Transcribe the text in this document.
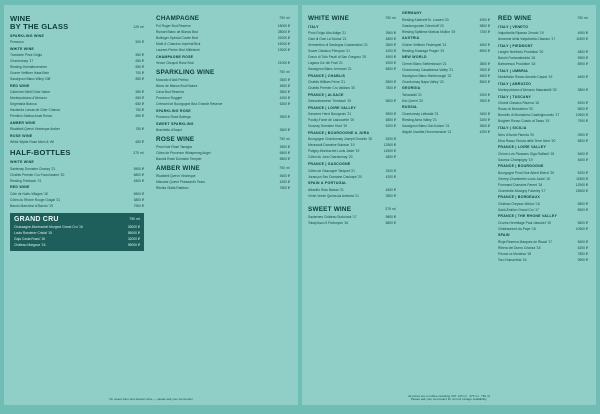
WINE
BY THE GLASS	125 ml
SPARKLING WINE
Prosecco	500 ₽
WHITE WINE
Tramonte Pinot Grigio	550 ₽
Chardonnay '17	650 ₽
Riesling Dreimännerchen	650 ₽
Gruner Veltliner Haas Bein	700 ₽
Sauvignon Blanc Wiley Cliff	850 ₽
RED WINE
Cabernet Sebili Dute Sabre	550 ₽
Montepulciano d'Abruzzo	650 ₽
Segretaria Branca	650 ₽
Hacienda Lomas de Grier Crianza	750 ₽
Primitivo Sabina Amal Rosso	850 ₽
AMBER WINE
Rkatsiteli Qvevri Vinoteque Amber	750 ₽
ROSE WINE
White Wylde Rose Merri & Vill	650 ₽
HALF-BOTTLES	375 ml
WHITE WINE
Santenay Domaine Chanzy '21	5500 ₽
Chablis Premier Cru Fourchaume '20	6800 ₽
Riesling Trimbach '21	4500 ₽
RED WINE
Côte de Nuits-Villages '18	6500 ₽
Côtes du Rhône Rouge Guigal '21	3800 ₽
Barolo Marchesi di Barolo '19	7900 ₽
GRAND CRU	750 ml
Chassagne-Montrachet Morgeot Grand Cru '16	25000 ₽
Louis Roederer Cristal '15	85000 ₽
Gaja Costa Russi '18	32000 ₽
Château Margaux '16	95000 ₽
CHAMPAGNE	750 ml
Pol Roger Brut Réserve	18000 ₽
Ruinart Blanc de Blancs Brut	28000 ₽
Bollinger Special Cuvée Brut	22000 ₽
Moët & Chandon Impérial Brut	16000 ₽
Laurent-Perrier Brut Millésimé	19000 ₽
CHAMPAGNE ROSE
Veuve Clicquot Rose Brut	21000 ₽
SPARKLING WINE	750 ml
Moscato d'Asti Perlino	3500 ₽
Blanc de Blancs Brut Nature	4500 ₽
Cava Brut Reserva	3800 ₽
Prosecco Ruggeri	4200 ₽
Crémant de Bourgogne Brut Grande Réserve	5200 ₽
SPARKLING ROSE
Prosecco Rosé Bottega	3900 ₽
SWEET SPARKLING
Brachetto d'Acqui	3600 ₽
ROSE WINE	750 ml
Pinot Noir Rosé Tanagra	3500 ₽
Côtes de Provence Whispering Angel	6500 ₽
Bandol Rosé Domaine Tempier	5800 ₽
AMBER WINE	750 ml
Rkatsiteli Qvevri Vinoteque	3600 ₽
Mtsvane Qvevri Pheasant's Tears	4200 ₽
Ribolla Gialla Radikon	7800 ₽
On sweet wine and dessert wine — please ask your sommelier
WHITE WINE	750 ml
ITALY
Pinot Grigio Alto Adige '21	3900 ₽
Gavi di Gavi La Scolca '21	4800 ₽
Vermentino di Sardegna Costamolino '21	3600 ₽
Soave Classico Pieropan '21	4200 ₽
Greco di Tufo Feudi di San Gregorio '20	4500 ₽
Lugana Ca' dei Frati '21	5200 ₽
Sauvignon Blanc Jermann '21	6500 ₽
FRANCE | CHABLIS
Chablis William Fèvre '21	5500 ₽
Chablis Premier Cru Vaillons '20	7800 ₽
FRANCE | ALSACE
Gewurztraminer Trimbach '19	5600 ₽
FRANCE | LOIRE VALLEY
Sancerre Henri Bourgeois '21	5900 ₽
Pouilly-Fumé de Ladoucette '20	6800 ₽
Vouvray Domaine Huet '19	6200 ₽
FRANCE | BOURGOGNE & JURA
Bourgogne Chardonnay Joseph Drouhin '20	5200 ₽
Meursault Domaine Buisson '19	12500 ₽
Puligny-Montrachet Louis Jadot '19	14500 ₽
Côtes du Jura Chardonnay '20	4800 ₽
FRANCE | GASCOGNE
Côtes de Gascogne Tariquet '21	3200 ₽
Jurançon Sec Domaine Cauhapé '20	4200 ₽
SPAIN & PORTUGAL
Albariño Rías Baixas '21	4500 ₽
Vinho Verde Quinta da Aveleda '21	3500 ₽
SWEET WINE	375 ml
Sauternes Château Suduiraut '17	9800 ₽
Tokaji Aszú 5 Puttonyos '16	8600 ₽
GERMANY
Riesling Kabinett Dr. Loosen '20	4900 ₽
Grauburgunder Dönnhoff '20	5800 ₽
Riesling Spätlese Markus Molitor '19	7200 ₽
AUSTRIA
Grüner Veltliner Federspiel '21	4600 ₽
Riesling Smaragd Prager '19	8900 ₽
NEW WORLD
Chenin Blanc Stellenbosch '21	3800 ₽
Chardonnay Casablanca Valley '21	3900 ₽
Sauvignon Blanc Marlborough '22	4600 ₽
Chardonnay Napa Valley '20	8500 ₽
GEORGIA
Tsinandali '21	3200 ₽
Kisi Qvevri '20	3900 ₽
RUSSIA
Chardonnay Lefkadia '21	3400 ₽
Riesling Alma Valley '21	3200 ₽
Sauvignon Blanc Gai-Kodzor '21	3600 ₽
Aligoté Usadba Divnomorskoe '21	4200 ₽
All prices are in rubles including VAT. 125 ml · 375 ml · 750 ml
Please ask your sommelier for current vintage availability.
RED WINE	750 ml
ITALY | VENETO
Valpolicella Ripasso Zenato '19	4900 ₽
Amarone della Valpolicella Classico '17	11800 ₽
ITALY | PIEDMONT
Langhe Nebbiolo Produttori '20	4800 ₽
Barolo Fontanafredda '18	9500 ₽
Barbaresco Produttori '18	8900 ₽
ITALY | UMBRIA
Montefalco Rosso Arnaldo Caprai '19	4600 ₽
ITALY | ABRUZZO
Montepulciano d'Abruzzo Masciarelli '20	3800 ₽
ITALY | TUSCANY
Chianti Classico Riserva '18	5200 ₽
Rosso di Montalcino '20	5600 ₽
Brunello di Montalcino Castelgiocondo '17	10500 ₽
Bolgheri Rosso Guado al Tasso '19	7900 ₽
ITALY | SICILIA
Nero d'Avola Planeta '20	3900 ₽
Etna Rosso Tenuta delle Terre Nere '20	5800 ₽
FRANCE | LOIRE VALLEY
Chinon Les Picasses Olga Raffault '18	5400 ₽
Saumur-Champigny '19	4600 ₽
FRANCE | BOURGOGNE
Bourgogne Pinot Noir Albert Bichot '20	5200 ₽
Gevrey-Chambertin Louis Jadot '18	11800 ₽
Pommard Domaine Parent '18	12900 ₽
Chambolle-Musigny Faiveley '17	15500 ₽
FRANCE | BORDEAUX
Château Greysac Médoc '16	5800 ₽
Saint-Émilion Grand Cru '17	8900 ₽
FRANCE | THE RHONE VALLEY
Crozes-Hermitage Paul Jaboulet '19	5600 ₽
Châteauneuf-du-Pape '18	10500 ₽
SPAIN
Rioja Reserva Marqués de Riscal '17	5400 ₽
Ribera del Duero Crianza '18	6200 ₽
Priorat La Montesa '18	7800 ₽
Toro Numanthia '16	9900 ₽
